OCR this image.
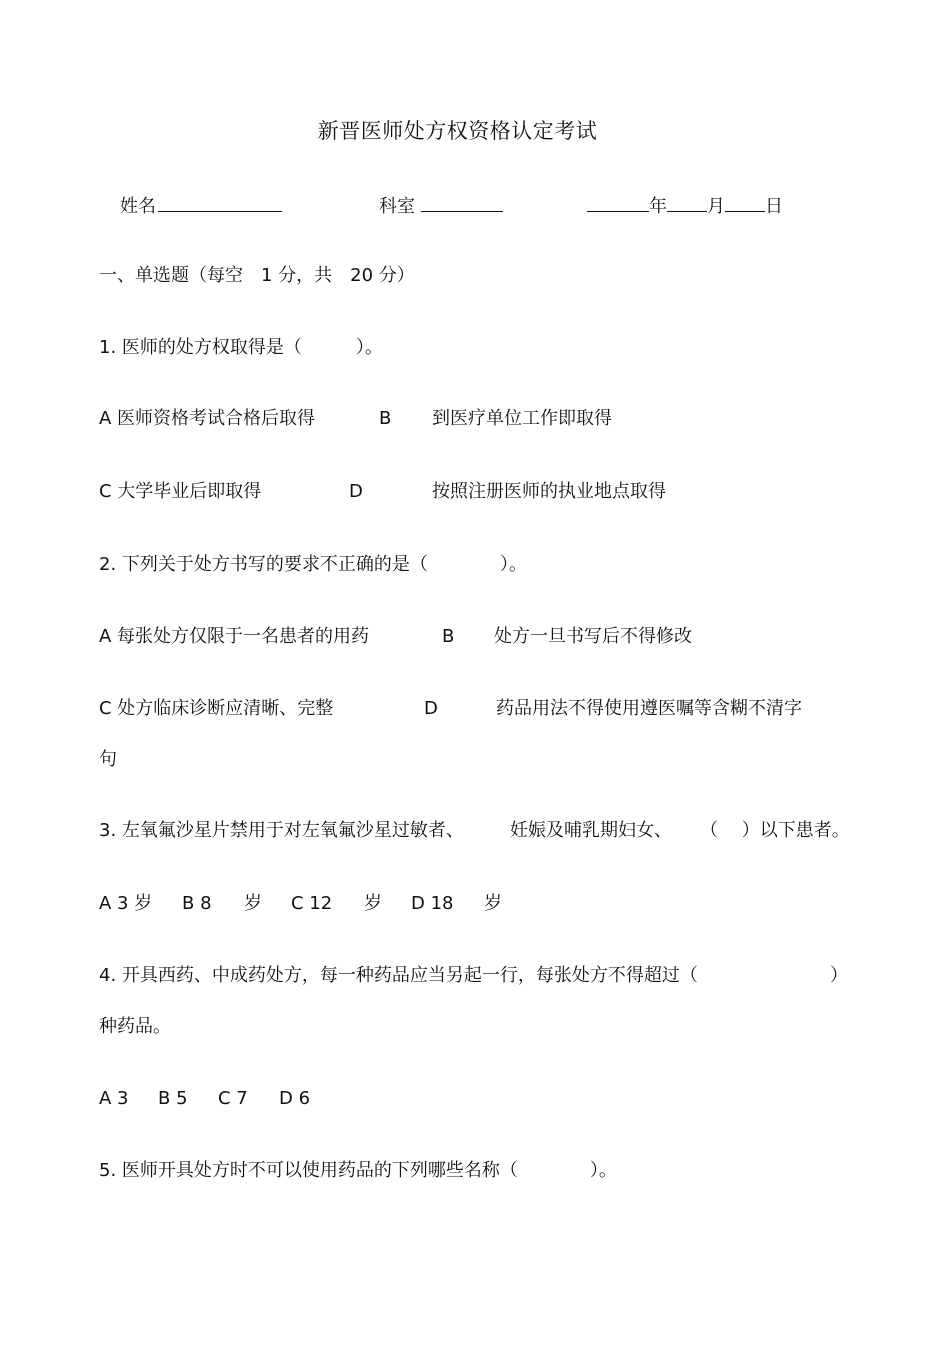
新晋医师处方权资格认定考试
姓名	科室	年 月 日
一、单选题（每空　1 分，共　20 分）
1. 医师的处方权取得是（　　　）。
A 医师资格考试合格后取得	B 到医疗单位工作即取得
C 大学毕业后即取得	D	按照注册医师的执业地点取得
2. 下列关于处方书写的要求不正确的是（　　　　）。
A 每张处方仅限于一名患者的用药	B 处方一旦书写后不得修改
C 处方临床诊断应清晰、完整	D	药品用法不得使用遵医嘱等含糊不清字
句
3. 左氧氟沙星片禁用于对左氧氟沙星过敏者、	妊娠及哺乳期妇女、 （　 ）以下患者。
A 3 岁 B 8 岁 C 12 岁 D 18 岁
4. 开具西药、中成药处方，每一种药品应当另起一行，每张处方不得超过（	）
种药品。
A 3 B 5 C 7 D 6
5. 医师开具处方时不可以使用药品的下列哪些名称（　　　　）。
